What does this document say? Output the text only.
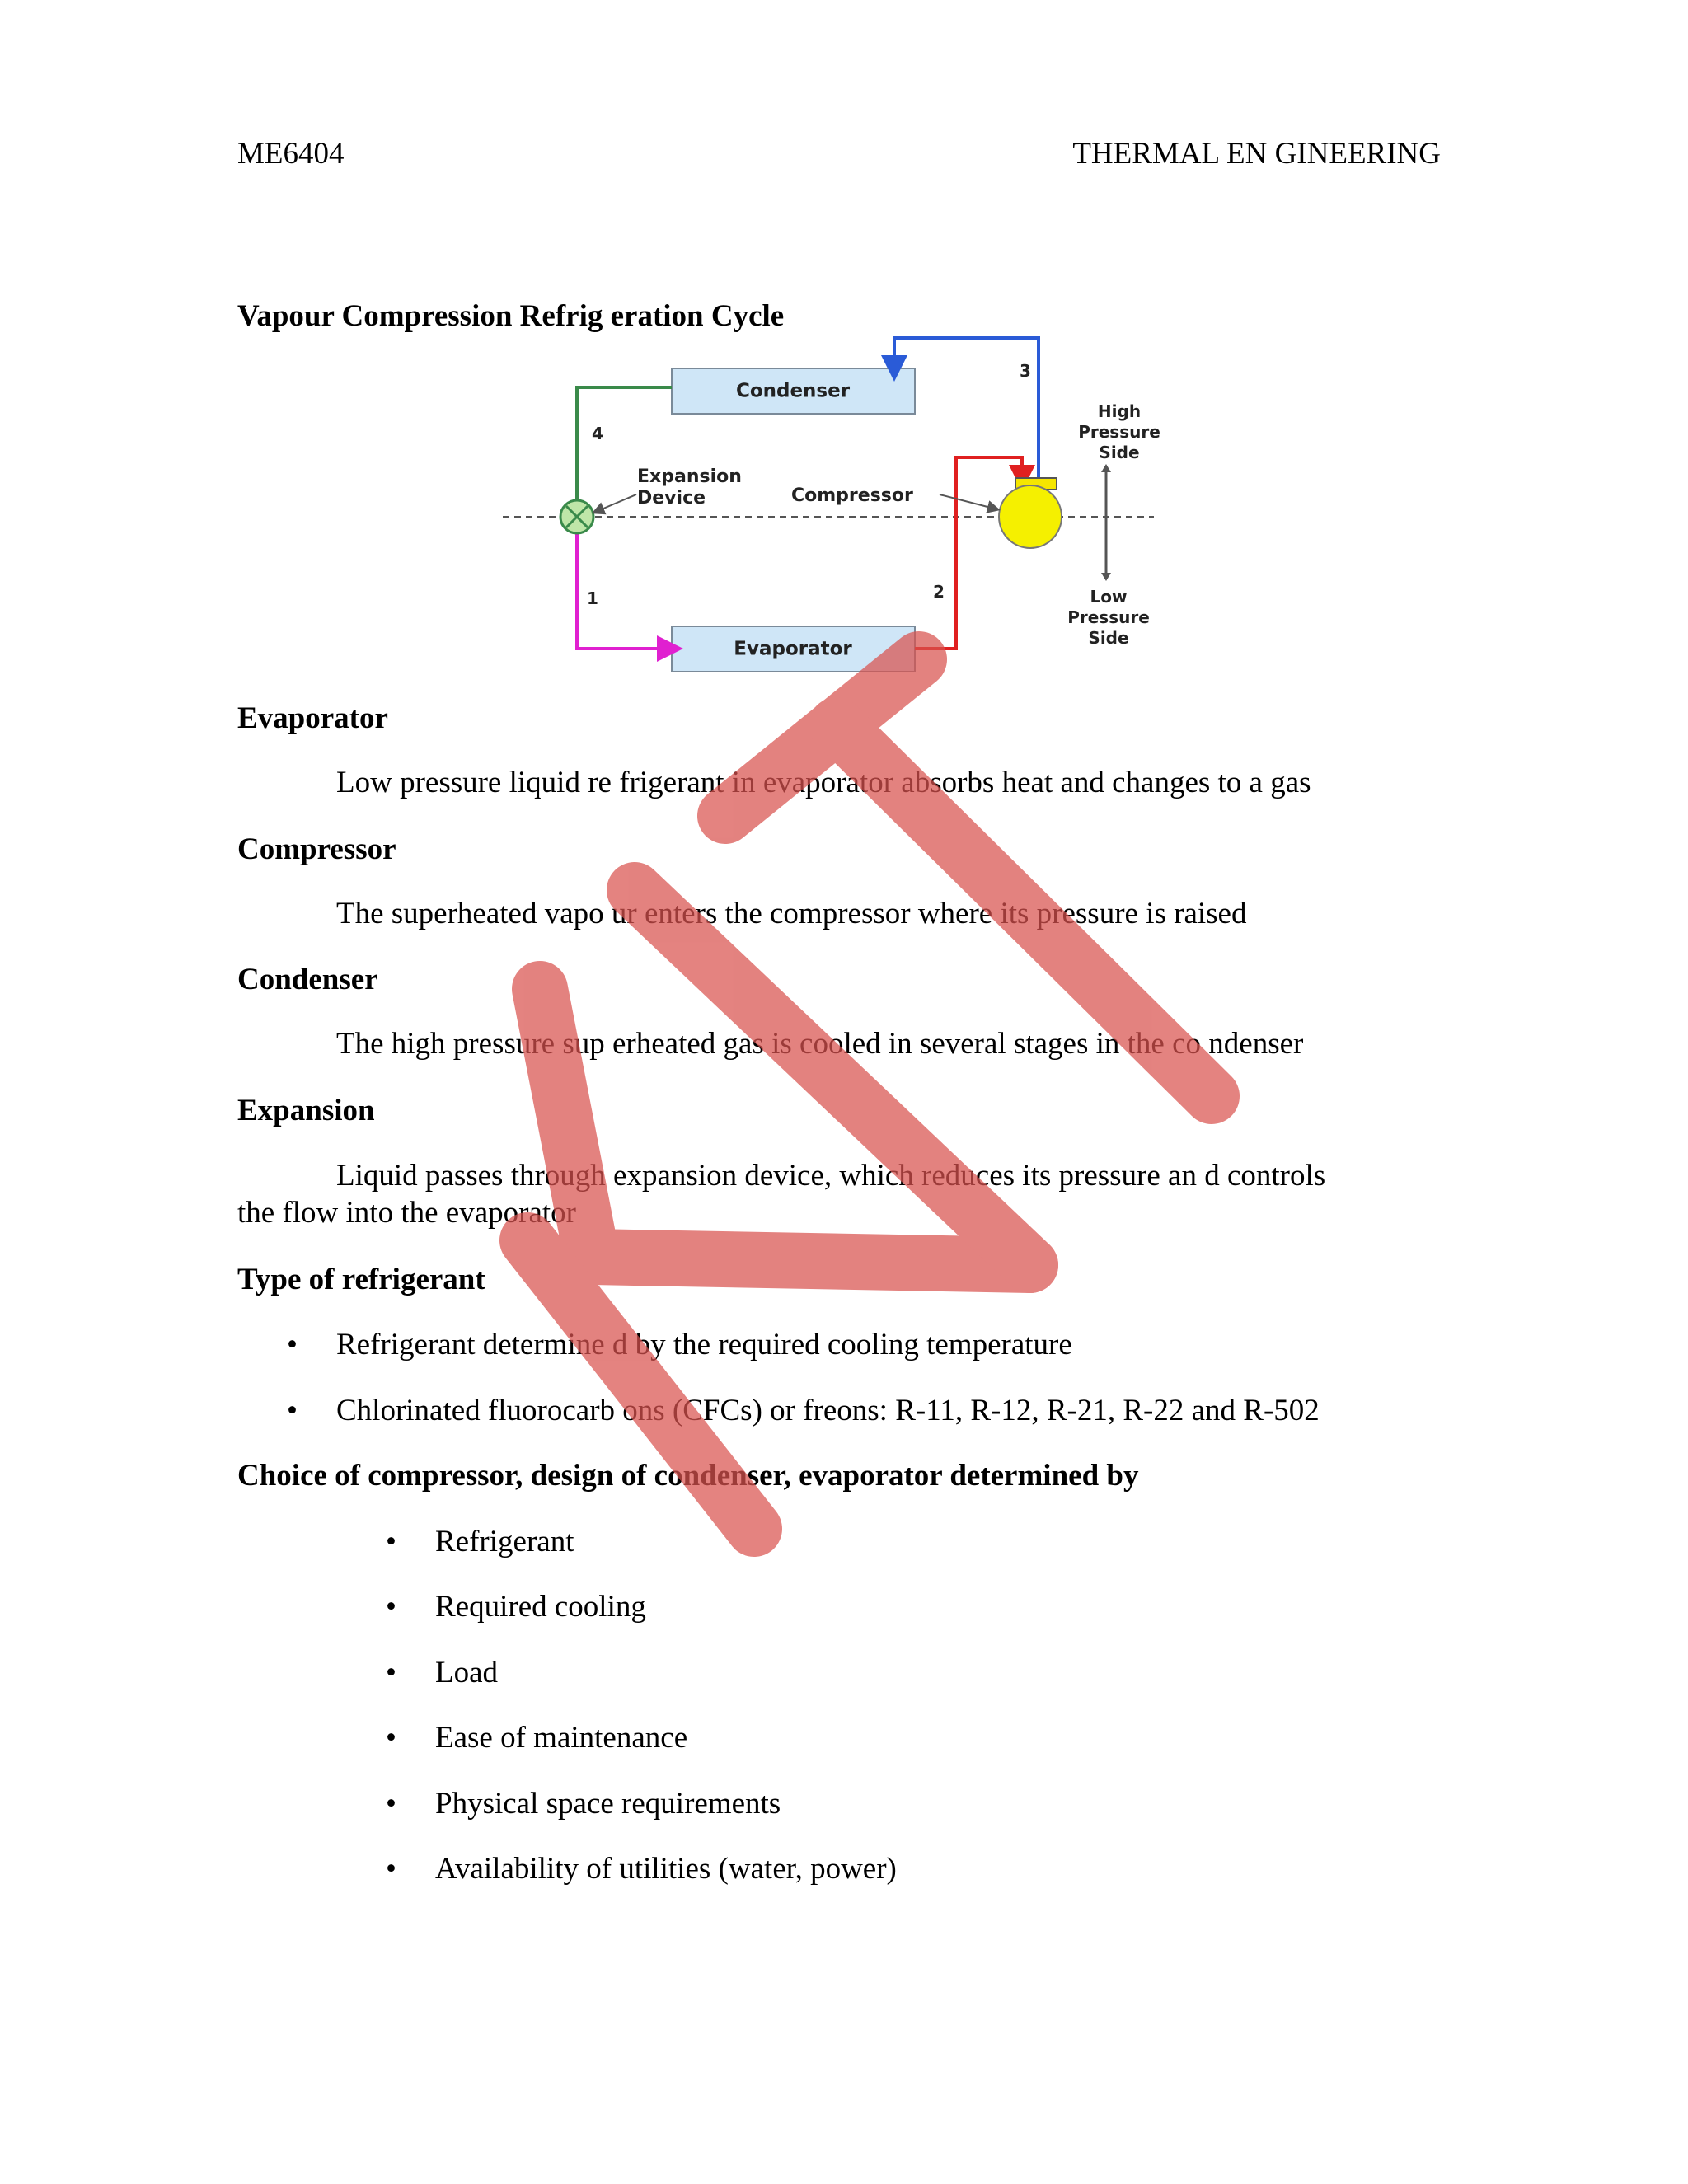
ME6404	THERMAL EN GINEERING
Vapour Compression Refrig eration Cycle
Condenser
Evaporator
Expansion
Device	Compressor
4
1	2
3
High
Pressure
Side
Low
Pressure
Side
Evaporator
Low pressure liquid re frigerant in evaporator absorbs heat and changes to a gas
Compressor
The superheated vapo ur enters the compressor where its pressure is raised
Condenser
The high pressure sup erheated gas is cooled in several stages in the co ndenser
Expansion
Liquid passes through expansion device, which reduces its pressure an d controls
the flow into the evaporator
Type of refrigerant
• Refrigerant determine d by the required cooling temperature
• Chlorinated fluorocarb ons (CFCs) or freons: R-11, R-12, R-21, R-22 and R-502
Choice of compressor, design of condenser, evaporator determined by
• Refrigerant
• Required cooling
• Load
• Ease of maintenance
• Physical space requirements
• Availability of utilities (water, power)
